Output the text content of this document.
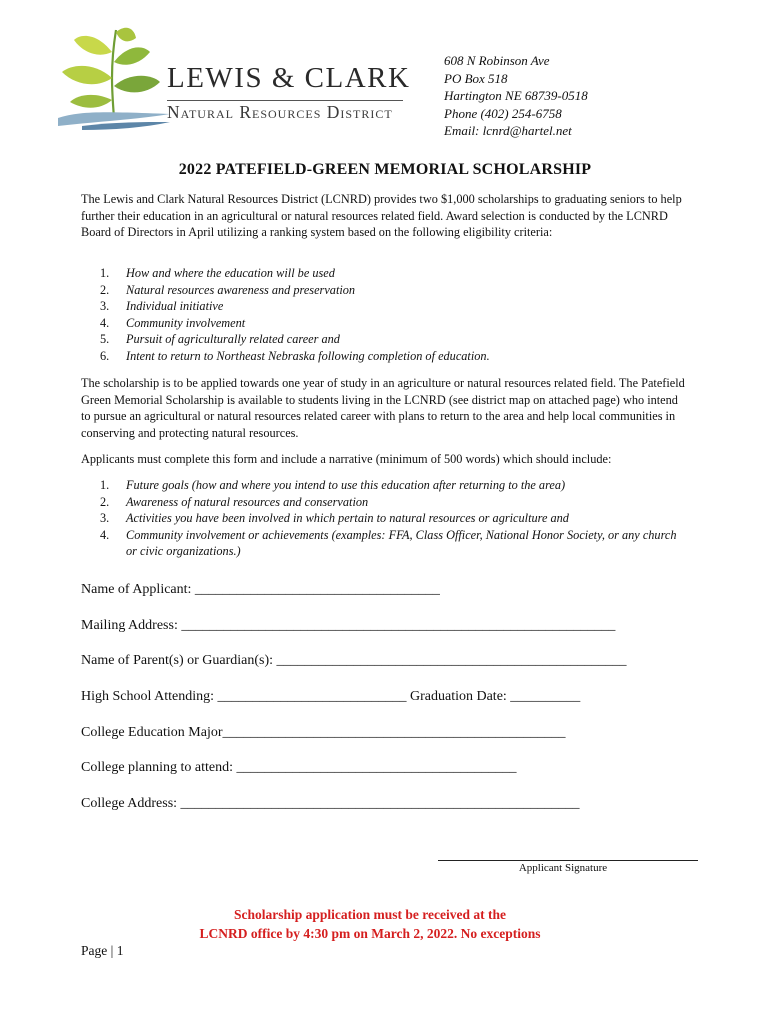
LEWIS & CLARK
Natural Resources District
608 N Robinson Ave
PO Box 518
Hartington NE 68739-0518
Phone (402) 254-6758
Email: lcnrd@hartel.net
2022 PATEFIELD-GREEN MEMORIAL SCHOLARSHIP
The Lewis and Clark Natural Resources District (LCNRD) provides two $1,000 scholarships to graduating seniors to help further their education in an agricultural or natural resources related field. Award selection is conducted by the LCNRD Board of Directors in April utilizing a ranking system based on the following eligibility criteria:
1. How and where the education will be used
2. Natural resources awareness and preservation
3. Individual initiative
4. Community involvement
5. Pursuit of agriculturally related career and
6. Intent to return to Northeast Nebraska following completion of education.
The scholarship is to be applied towards one year of study in an agriculture or natural resources related field. The Patefield Green Memorial Scholarship is available to students living in the LCNRD (see district map on attached page) who intend to pursue an agricultural or natural resources related career with plans to return to the area and help local communities in conserving and protecting natural resources.
Applicants must complete this form and include a narrative (minimum of 500 words) which should include:
1. Future goals (how and where you intend to use this education after returning to the area)
2. Awareness of natural resources and conservation
3. Activities you have been involved in which pertain to natural resources or agriculture and
4. Community involvement or achievements (examples: FFA, Class Officer, National Honor Society, or any church or civic organizations.)
Name of Applicant: ___________________________________
Mailing Address: ______________________________________________________________
Name of Parent(s) or Guardian(s): __________________________________________________
High School Attending: ___________________________ Graduation Date: __________
College Education Major_________________________________________________
College planning to attend: ________________________________________
College Address: _________________________________________________________
Applicant Signature
Scholarship application must be received at the
LCNRD office by 4:30 pm on March 2, 2022. No exceptions
Page | 1
